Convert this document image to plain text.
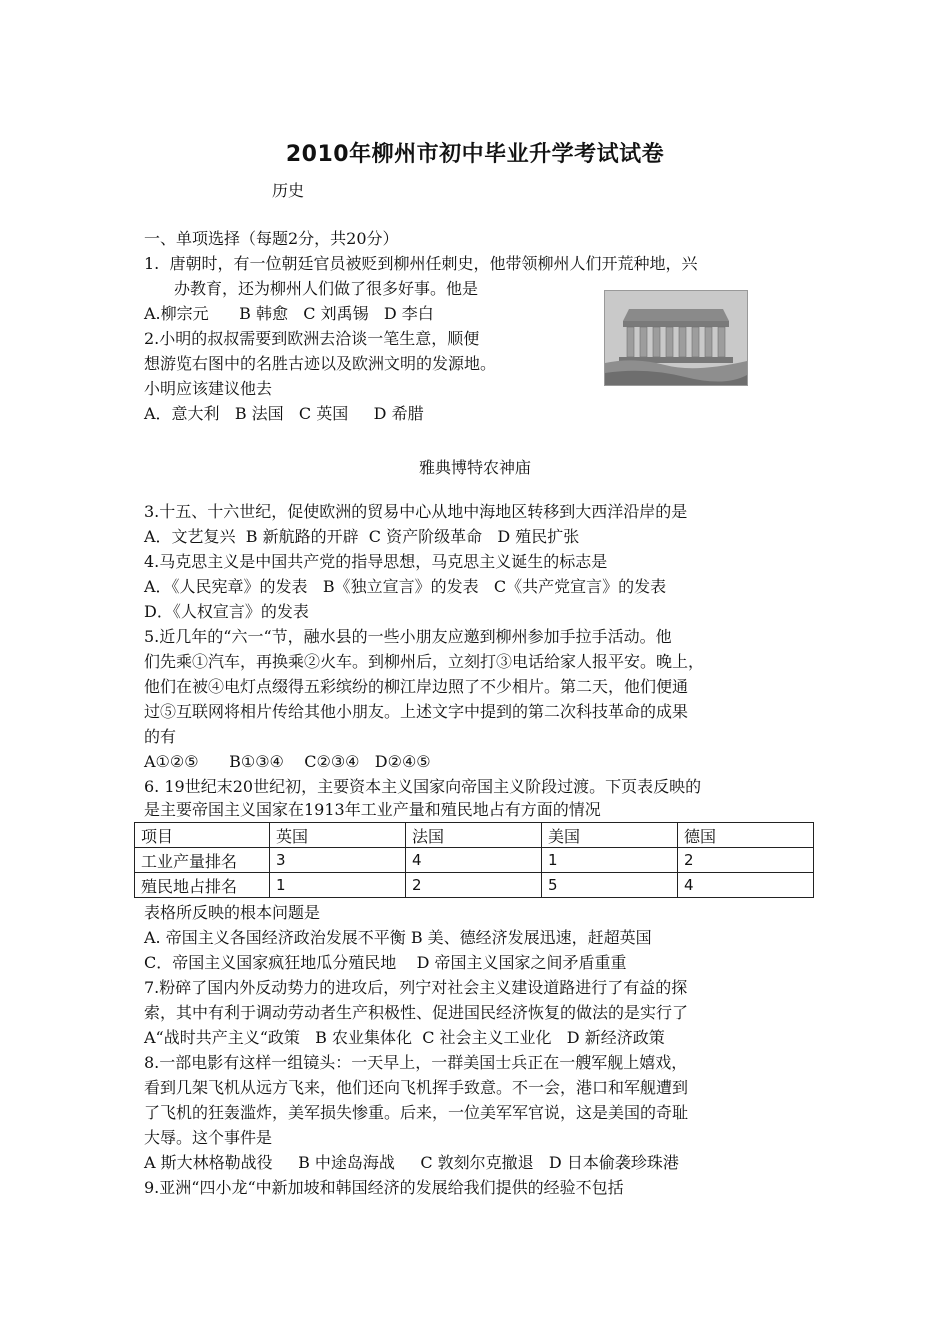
2010年柳州市初中毕业升学考试试卷
历史
一、单项选择（每题2分，共20分）
1.  唐朝时，有一位朝廷官员被贬到柳州任刺史，他带领柳州人们开荒种地，兴
办教育，还为柳州人们做了很多好事。他是
A.柳宗元      B 韩愈   C 刘禹锡   D 李白
2.小明的叔叔需要到欧洲去洽谈一笔生意，顺便
想游览右图中的名胜古迹以及欧洲文明的发源地。
小明应该建议他去
A．意大利   B 法国   C 英国     D 希腊
雅典博特农神庙
3.十五、十六世纪，促使欧洲的贸易中心从地中海地区转移到大西洋沿岸的是
A．文艺复兴  B 新航路的开辟  C 资产阶级革命   D 殖民扩张
4.马克思主义是中国共产党的指导思想，马克思主义诞生的标志是
A．《人民宪章》的发表   B《独立宣言》的发表   C《共产党宣言》的发表
D．《人权宣言》的发表
5.近几年的“六一“节，融水县的一些小朋友应邀到柳州参加手拉手活动。他
们先乘①汽车，再换乘②火车。到柳州后，立刻打③电话给家人报平安。晚上，
他们在被④电灯点缀得五彩缤纷的柳江岸边照了不少相片。第二天，他们便通
过⑤互联网将相片传给其他小朋友。上述文字中提到的第二次科技革命的成果
的有
A①②⑤      B①③④    C②③④   D②④⑤
6. 19世纪末20世纪初，主要资本主义国家向帝国主义阶段过渡。下页表反映的
是主要帝国主义国家在1913年工业产量和殖民地占有方面的情况
项目	英国	法国	美国	德国
工业产量排名	3	4	1	2
殖民地占排名	1	2	5	4
表格所反映的根本问题是
A. 帝国主义各国经济政治发展不平衡 B 美、德经济发展迅速，赶超英国
C．帝国主义国家疯狂地瓜分殖民地    D 帝国主义国家之间矛盾重重
7.粉碎了国内外反动势力的进攻后，列宁对社会主义建设道路进行了有益的探
索，其中有利于调动劳动者生产积极性、促进国民经济恢复的做法的是实行了
A“战时共产主义“政策   B 农业集体化  C 社会主义工业化   D 新经济政策
8.一部电影有这样一组镜头：一天早上，一群美国士兵正在一艘军舰上嬉戏，
看到几架飞机从远方飞来，他们还向飞机挥手致意。不一会，港口和军舰遭到
了飞机的狂轰滥炸，美军损失惨重。后来，一位美军军官说，这是美国的奇耻
大辱。这个事件是
A 斯大林格勒战役     B 中途岛海战     C 敦刻尔克撤退   D 日本偷袭珍珠港
9.亚洲“四小龙“中新加坡和韩国经济的发展给我们提供的经验不包括
